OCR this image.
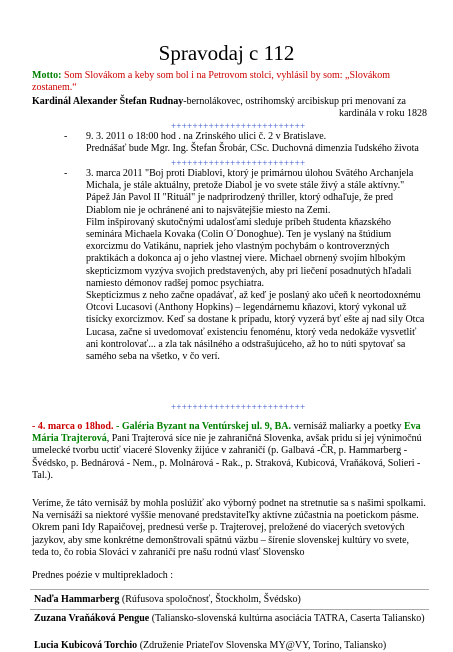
Spravodaj c 112
Motto: Som Slovákom a keby som bol i na Petrovom stolci, vyhlásil by som: „Slovákom zostanem.“
Kardinál Alexander Štefan Rudnay-bernolákovec, ostrihomský arcibiskup pri menovaní za
kardinála v roku 1828
+++++++++++++++++++++++++
- 9. 3. 2011 o 18:00 hod . na Zrinského ulici č. 2 v Bratislave.
Prednášať bude Mgr. Ing. Štefan Šrobár, CSc. Duchovná dimenzia ľudského života
+++++++++++++++++++++++++
- 3. marca 2011 "Boj proti Diablovi, ktorý je primárnou úlohou Svätého Archanjela Michala, je stále aktuálny, pretože Diabol je vo svete stále živý a stále aktívny." Pápež Ján Pavol II "Rituál" je nadprirodzený thriller, ktorý odhaľuje, že pred Diablom nie je ochránené ani to najsvätejšie miesto na Zemi.
Film inšpirovaný skutočnými udalosťami sleduje príbeh študenta kňazského seminára Michaela Kovaka (Colin O´Donoghue). Ten je vyslaný na štúdium exorcizmu do Vatikánu, napriek jeho vlastným pochybám o kontroverzných praktikách a dokonca aj o jeho vlastnej viere. Michael obrnený svojím hlbokým skepticizmom vyzýva svojich predstavených, aby pri liečení posadnutých hľadali namiesto démonov radšej pomoc psychiatra.
Skepticizmus z neho začne opadávať, až keď je poslaný ako učeň k neortodoxnému Otcovi Lucasovi (Anthony Hopkins) – legendárnemu kňazovi, ktorý vykonal už tisícky exorcizmov. Keď sa dostane k prípadu, ktorý vyzerá byť ešte aj nad sily Otca Lucasa, začne si uvedomovať existenciu fenoménu, ktorý veda nedokáže vysvetliť ani kontrolovať... a zla tak násilného a odstrašujúceho, až ho to núti spytovať sa samého seba na všetko, v čo verí.
+++++++++++++++++++++++++
- 4. marca o 18hod. - Galéria Byzant na Ventúrskej ul. 9, BA. vernisáž maliarky a poetky Eva Mária Trajterová, Pani Trajterová síce nie je zahraničná Slovenka, avšak pridu si jej výnimočnú umelecké tvorbu uctiť viaceré Slovenky žijúce v zahraničí (p. Galbavá -ČR, p. Hammarberg - Švédsko, p. Bednárová - Nem., p. Molnárová - Rak., p. Straková, Kubicová, Vraňáková, Solieri -Tal.).
Veríme, že táto vernisáž by mohla poslúžiť ako výborný podnet na stretnutie sa s našimi spolkami. Na vernisáži sa niektoré vyššie menované predstaviteľky aktívne zúčastnia na poetickom pásme. Okrem pani Idy Rapaičovej, prednesú verše p. Trajterovej, preložené do viacerých svetových jazykov, aby sme konkrétne demonštrovali spätnú väzbu – šírenie slovenskej kultúry vo svete, teda to, čo robia Slováci v zahraničí pre našu rodnú vlasť Slovensko
Prednes poézie v multiprekladoch :
Naďa Hammarberg (Rúfusova spoločnosť, Štockholm, Švédsko)
Zuzana Vraňáková Pengue (Taliansko-slovenská kultúrna asociácia TATRA, Caserta Taliansko)
Lucia Kubicová Torchio (Združenie Priateľov Slovenska MY@VY, Torino, Taliansko)
